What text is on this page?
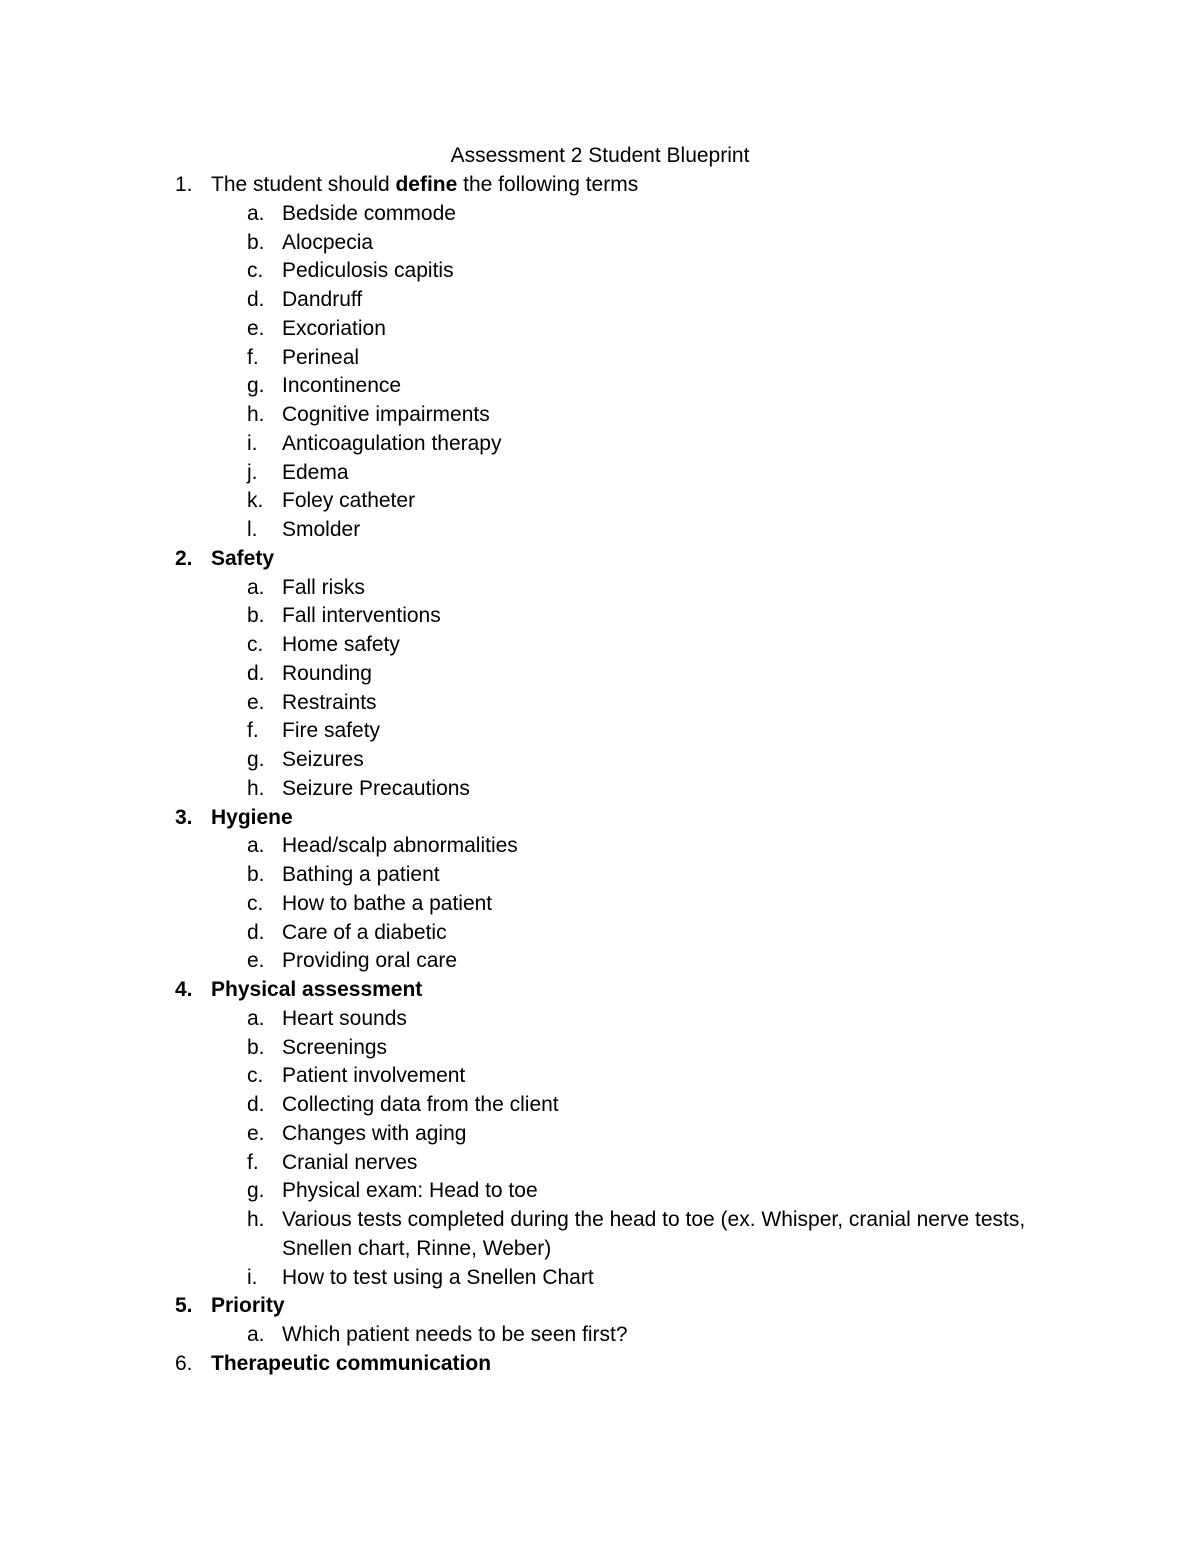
Assessment 2 Student Blueprint
1. The student should define the following terms
a. Bedside commode
b. Alocpecia
c. Pediculosis capitis
d. Dandruff
e. Excoriation
f. Perineal
g. Incontinence
h. Cognitive impairments
i. Anticoagulation therapy
j. Edema
k. Foley catheter
l. Smolder
2. Safety
a. Fall risks
b. Fall interventions
c. Home safety
d. Rounding
e. Restraints
f. Fire safety
g. Seizures
h. Seizure Precautions
3. Hygiene
a. Head/scalp abnormalities
b. Bathing a patient
c. How to bathe a patient
d. Care of a diabetic
e. Providing oral care
4. Physical assessment
a. Heart sounds
b. Screenings
c. Patient involvement
d. Collecting data from the client
e. Changes with aging
f. Cranial nerves
g. Physical exam: Head to toe
h. Various tests completed during the head to toe (ex. Whisper, cranial nerve tests, Snellen chart, Rinne, Weber)
i. How to test using a Snellen Chart
5. Priority
a. Which patient needs to be seen first?
6. Therapeutic communication
